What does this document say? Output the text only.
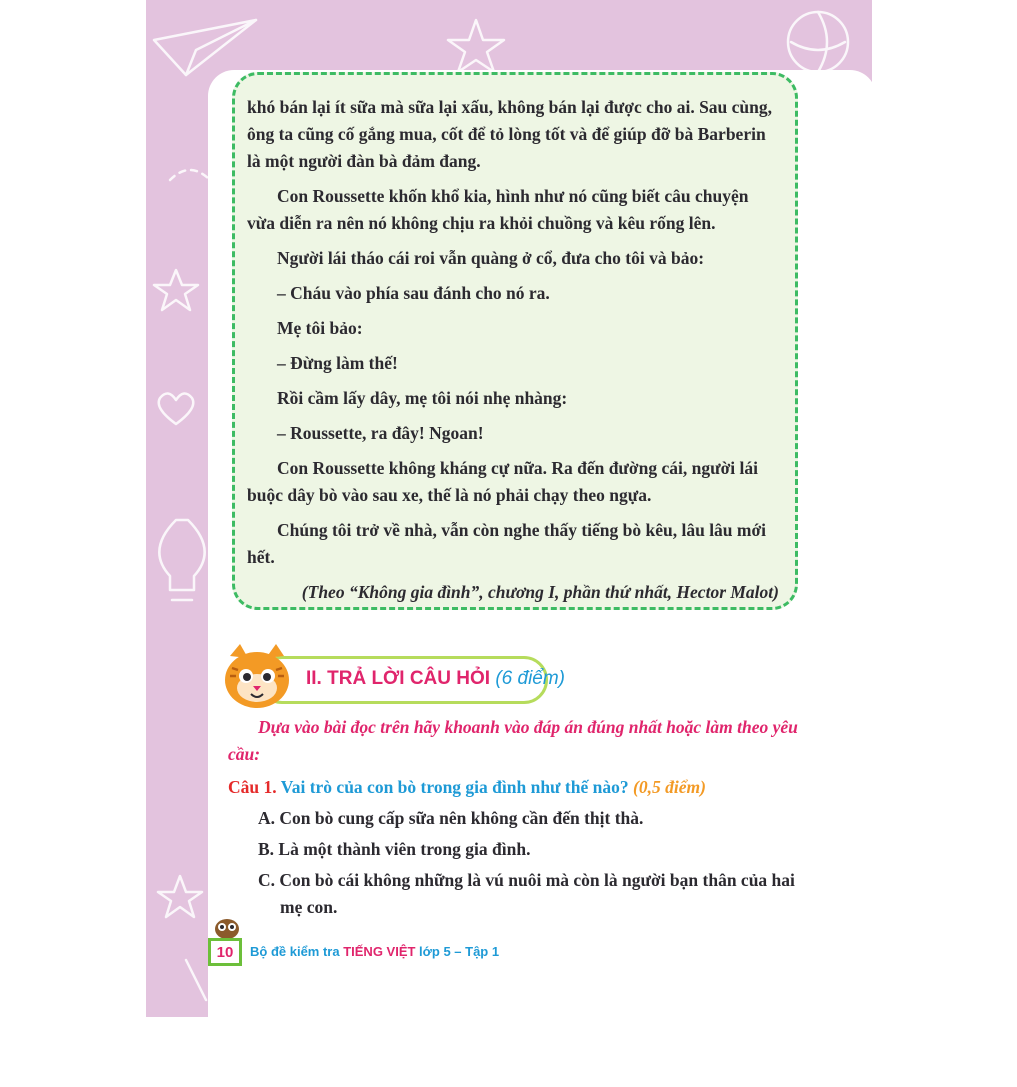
khó bán lại ít sữa mà sữa lại xấu, không bán lại được cho ai. Sau cùng, ông ta cũng cố gắng mua, cốt để tỏ lòng tốt và để giúp đỡ bà Barberin là một người đàn bà đảm đang.

Con Roussette khốn khổ kia, hình như nó cũng biết câu chuyện vừa diễn ra nên nó không chịu ra khỏi chuồng và kêu rống lên.

Người lái tháo cái roi vẫn quàng ở cổ, đưa cho tôi và bảo:

– Cháu vào phía sau đánh cho nó ra.

Mẹ tôi bảo:

– Đừng làm thế!

Rồi cầm lấy dây, mẹ tôi nói nhẹ nhàng:

– Roussette, ra đây! Ngoan!

Con Roussette không kháng cự nữa. Ra đến đường cái, người lái buộc dây bò vào sau xe, thế là nó phải chạy theo ngựa.

Chúng tôi trở về nhà, vẫn còn nghe thấy tiếng bò kêu, lâu lâu mới hết.

(Theo “Không gia đình”, chương I, phần thứ nhất, Hector Malot)

II. TRẢ LỜI CÂU HỎI (6 điểm)

Dựa vào bài đọc trên hãy khoanh vào đáp án đúng nhất hoặc làm theo yêu cầu:

Câu 1. Vai trò của con bò trong gia đình như thế nào? (0,5 điểm)

A. Con bò cung cấp sữa nên không cần đến thịt thà.

B. Là một thành viên trong gia đình.

C. Con bò cái không những là vú nuôi mà còn là người bạn thân của hai mẹ con.

10	Bộ đề kiểm tra TIẾNG VIỆT lớp 5 – Tập 1
